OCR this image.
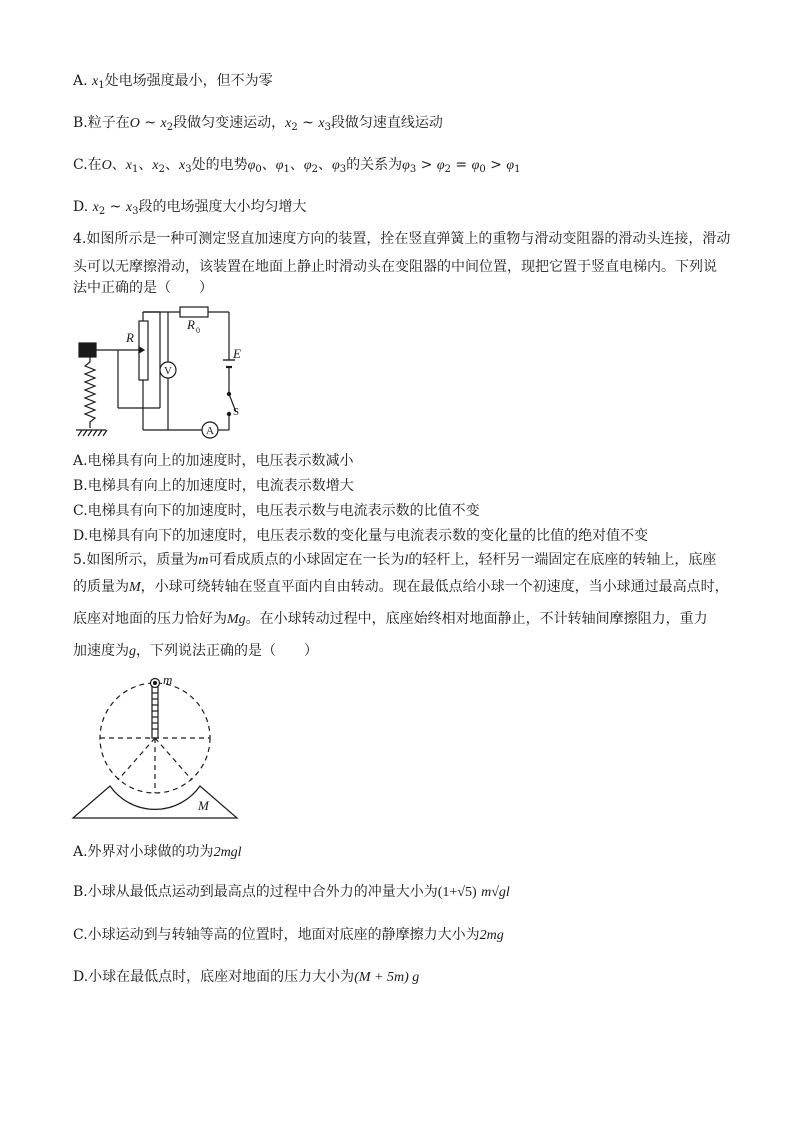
A. $x_1$处电场强度最小，但不为零
B.粒子在O ~ $x_2$段做匀变速运动，$x_2$ ~ $x_3$段做匀速直线运动
C.在O、$x_1$、$x_2$、$x_3$处的电势$\varphi_0$、$\varphi_1$、$\varphi_2$、$\varphi_3$的关系为$\varphi_3 > \varphi_2 = \varphi_0 > \varphi_1$
D. $x_2$ ~ $x_3$段的电场强度大小均匀增大
4.如图所示是一种可测定竖直加速度方向的装置，拴在竖直弹簧上的重物与滑动变阻器的滑动头连接，滑动
头可以无摩擦滑动，该装置在地面上静止时滑动头在变阻器的中间位置，现把它置于竖直电梯内。下列说
法中正确的是（　　）
R
R 0
E
V
A
S
A.电梯具有向上的加速度时，电压表示数减小
B.电梯具有向上的加速度时，电流表示数增大
C.电梯具有向下的加速度时，电压表示数与电流表示数的比值不变
D.电梯具有向下的加速度时，电压表示数的变化量与电流表示数的变化量的比值的绝对值不变
5.如图所示，质量为m可看成质点的小球固定在一长为l的轻杆上，轻杆另一端固定在底座的转轴上，底座
的质量为M，小球可绕转轴在竖直平面内自由转动。现在最低点给小球一个初速度，当小球通过最高点时，
底座对地面的压力恰好为Mg。在小球转动过程中，底座始终相对地面静止，不计转轴间摩擦阻力，重力
加速度为g，下列说法正确的是（　　）
m
M
A.外界对小球做的功为2mgl
B.小球从最低点运动到最高点的过程中合外力的冲量大小为(1+√5) m√gl
C.小球运动到与转轴等高的位置时，地面对底座的静摩擦力大小为2mg
D.小球在最低点时，底座对地面的压力大小为(M + 5m) g
